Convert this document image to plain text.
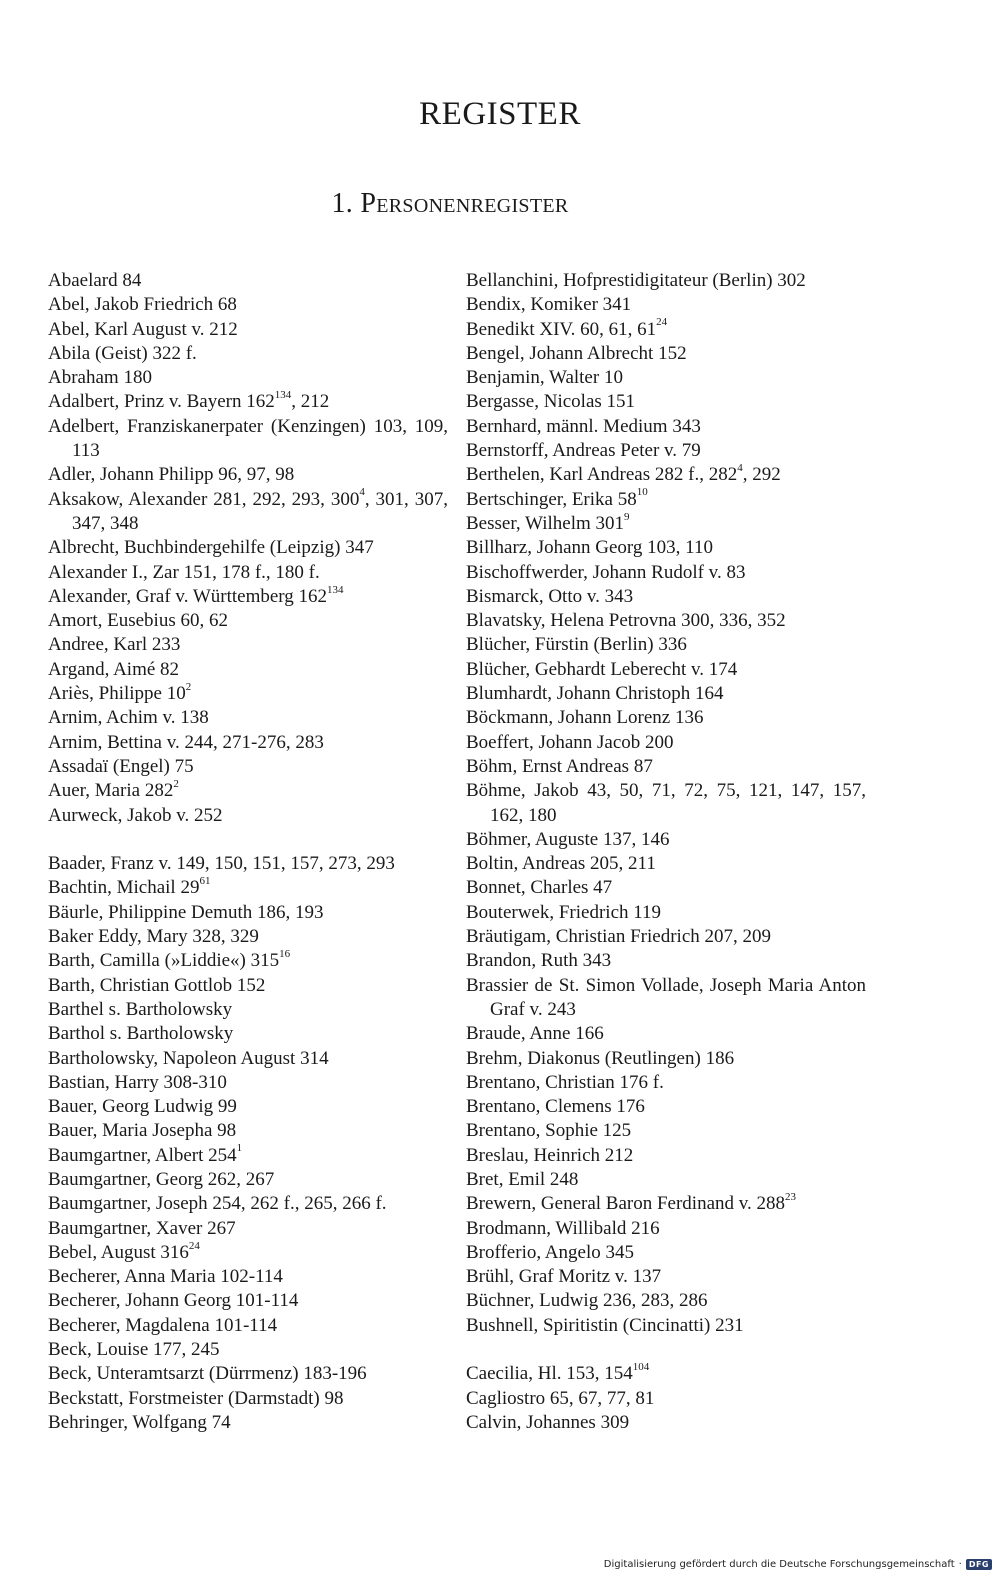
REGISTER
1. Personenregister
Abaelard 84
Abel, Jakob Friedrich 68
Abel, Karl August v. 212
Abila (Geist) 322 f.
Abraham 180
Adalbert, Prinz v. Bayern $162^{134}$, 212
Adelbert, Franziskanerpater (Kenzingen) 103, 109, 113
Adler, Johann Philipp 96, 97, 98
Aksakow, Alexander 281, 292, 293, $300^4$, 301, 307, 347, 348
Albrecht, Buchbindergehilfe (Leipzig) 347
Alexander I., Zar 151, 178 f., 180 f.
Alexander, Graf v. Württemberg $162^{134}$
Amort, Eusebius 60, 62
Andree, Karl 233
Argand, Aimé 82
Ariès, Philippe $10^2$
Arnim, Achim v. 138
Arnim, Bettina v. 244, 271-276, 283
Assadaï (Engel) 75
Auer, Maria $282^2$
Aurweck, Jakob v. 252
Baader, Franz v. 149, 150, 151, 157, 273, 293
Bachtin, Michail $29^{61}$
Bäurle, Philippine Demuth 186, 193
Baker Eddy, Mary 328, 329
Barth, Camilla (»Liddie«) $315^{16}$
Barth, Christian Gottlob 152
Barthel s. Bartholowsky
Barthol s. Bartholowsky
Bartholowsky, Napoleon August 314
Bastian, Harry 308-310
Bauer, Georg Ludwig 99
Bauer, Maria Josepha 98
Baumgartner, Albert $254^1$
Baumgartner, Georg 262, 267
Baumgartner, Joseph 254, 262 f., 265, 266 f.
Baumgartner, Xaver 267
Bebel, August $316^{24}$
Becherer, Anna Maria 102-114
Becherer, Johann Georg 101-114
Becherer, Magdalena 101-114
Beck, Louise 177, 245
Beck, Unteramtsarzt (Dürrmenz) 183-196
Beckstatt, Forstmeister (Darmstadt) 98
Behringer, Wolfgang 74
Bellanchini, Hofprestidigitateur (Berlin) 302
Bendix, Komiker 341
Benedikt XIV. 60, 61, $61^{24}$
Bengel, Johann Albrecht 152
Benjamin, Walter 10
Bergasse, Nicolas 151
Bernhard, männl. Medium 343
Bernstorff, Andreas Peter v. 79
Berthelen, Karl Andreas 282 f., $282^4$, 292
Bertschinger, Erika $58^{10}$
Besser, Wilhelm $301^9$
Billharz, Johann Georg 103, 110
Bischoffwerder, Johann Rudolf v. 83
Bismarck, Otto v. 343
Blavatsky, Helena Petrovna 300, 336, 352
Blücher, Fürstin (Berlin) 336
Blücher, Gebhardt Leberecht v. 174
Blumhardt, Johann Christoph 164
Böckmann, Johann Lorenz 136
Boeffert, Johann Jacob 200
Böhm, Ernst Andreas 87
Böhme, Jakob 43, 50, 71, 72, 75, 121, 147, 157, 162, 180
Böhmer, Auguste 137, 146
Boltin, Andreas 205, 211
Bonnet, Charles 47
Bouterwek, Friedrich 119
Bräutigam, Christian Friedrich 207, 209
Brandon, Ruth 343
Brassier de St. Simon Vollade, Joseph Maria Anton Graf v. 243
Braude, Anne 166
Brehm, Diakonus (Reutlingen) 186
Brentano, Christian 176 f.
Brentano, Clemens 176
Brentano, Sophie 125
Breslau, Heinrich 212
Bret, Emil 248
Brewern, General Baron Ferdinand v. $288^{23}$
Brodmann, Willibald 216
Brofferio, Angelo 345
Brühl, Graf Moritz v. 137
Büchner, Ludwig 236, 283, 286
Bushnell, Spiritistin (Cincinatti) 231
Caecilia, Hl. 153, $154^{104}$
Cagliostro 65, 67, 77, 81
Calvin, Johannes 309
Digitalisierung gefördert durch die Deutsche Forschungsgemeinschaft · DFG
